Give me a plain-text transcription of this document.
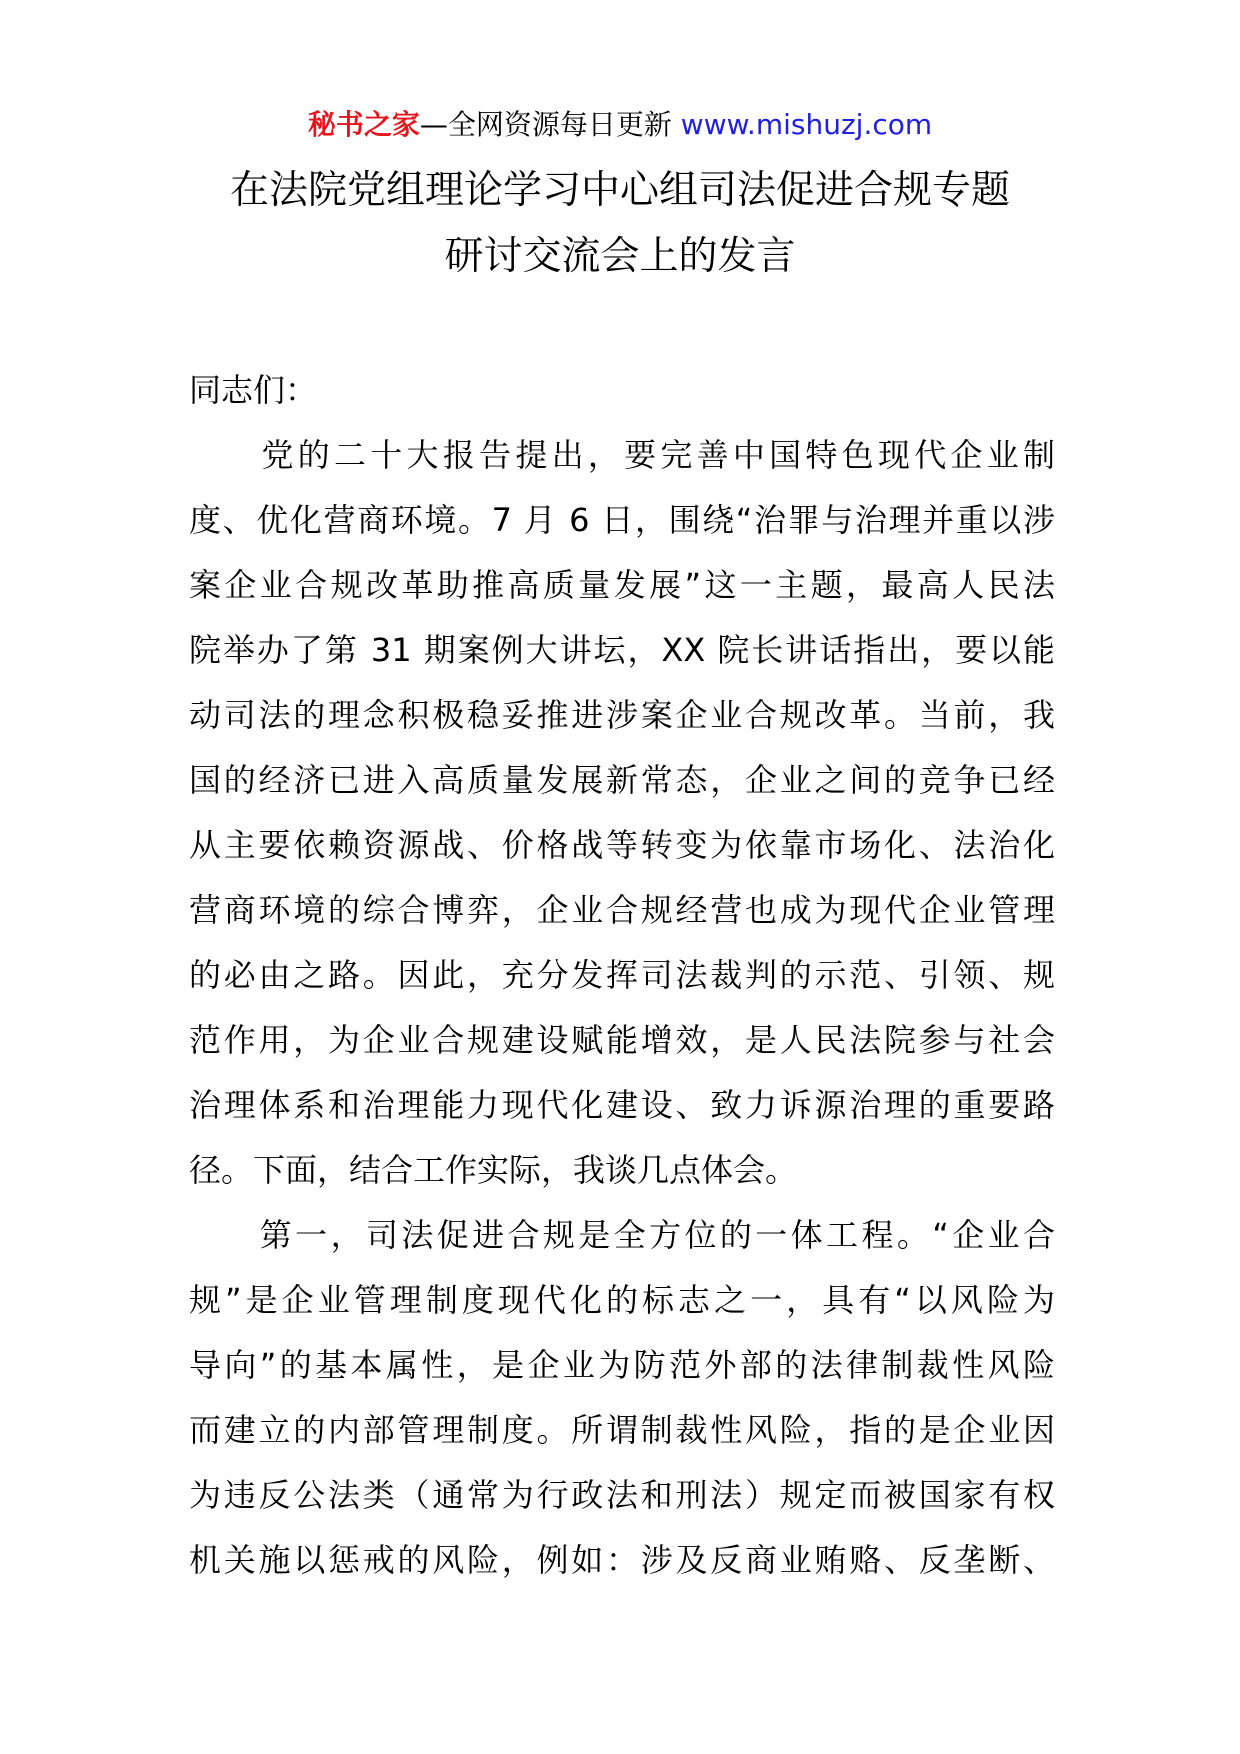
秘书之家—全网资源每日更新 www.mishuzj.com
在法院党组理论学习中心组司法促进合规专题
研讨交流会上的发言
同志们：
　　党的二十大报告提出，要完善中国特色现代企业制
度、优化营商环境。7 月 6 日，围绕“治罪与治理并重以涉
案企业合规改革助推高质量发展”这一主题，最高人民法
院举办了第 31 期案例大讲坛，XX 院长讲话指出，要以能
动司法的理念积极稳妥推进涉案企业合规改革。当前，我
国的经济已进入高质量发展新常态，企业之间的竞争已经
从主要依赖资源战、价格战等转变为依靠市场化、法治化
营商环境的综合博弈，企业合规经营也成为现代企业管理
的必由之路。因此，充分发挥司法裁判的示范、引领、规
范作用，为企业合规建设赋能增效，是人民法院参与社会
治理体系和治理能力现代化建设、致力诉源治理的重要路
径。下面，结合工作实际，我谈几点体会。
　　第一，司法促进合规是全方位的一体工程。“企业合
规”是企业管理制度现代化的标志之一，具有“以风险为
导向”的基本属性，是企业为防范外部的法律制裁性风险
而建立的内部管理制度。所谓制裁性风险，指的是企业因
为违反公法类（通常为行政法和刑法）规定而被国家有权
机关施以惩戒的风险，例如：涉及反商业贿赂、反垄断、
